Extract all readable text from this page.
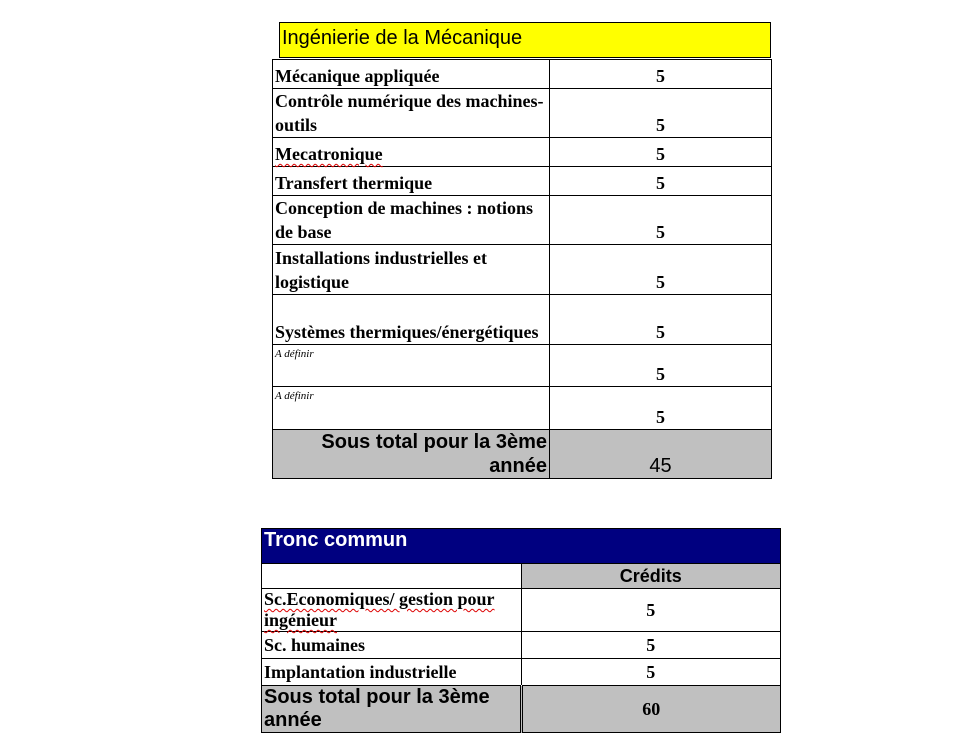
Ingénierie de la Mécanique
Mécanique appliquée	5
Contrôle numérique des machines-outils	5
Mecatronique	5
Transfert thermique	5
Conception de machines : notions de base	5
Installations industrielles et logistique	5
Systèmes thermiques/énergétiques	5
A définir	5
A définir	5
Sous total pour la 3ème année	45
Tronc commun	
	Crédits
Sc.Economiques/ gestion pour ingénieur	5
Sc. humaines	5
Implantation industrielle	5
Sous total pour la 3ème année	60
